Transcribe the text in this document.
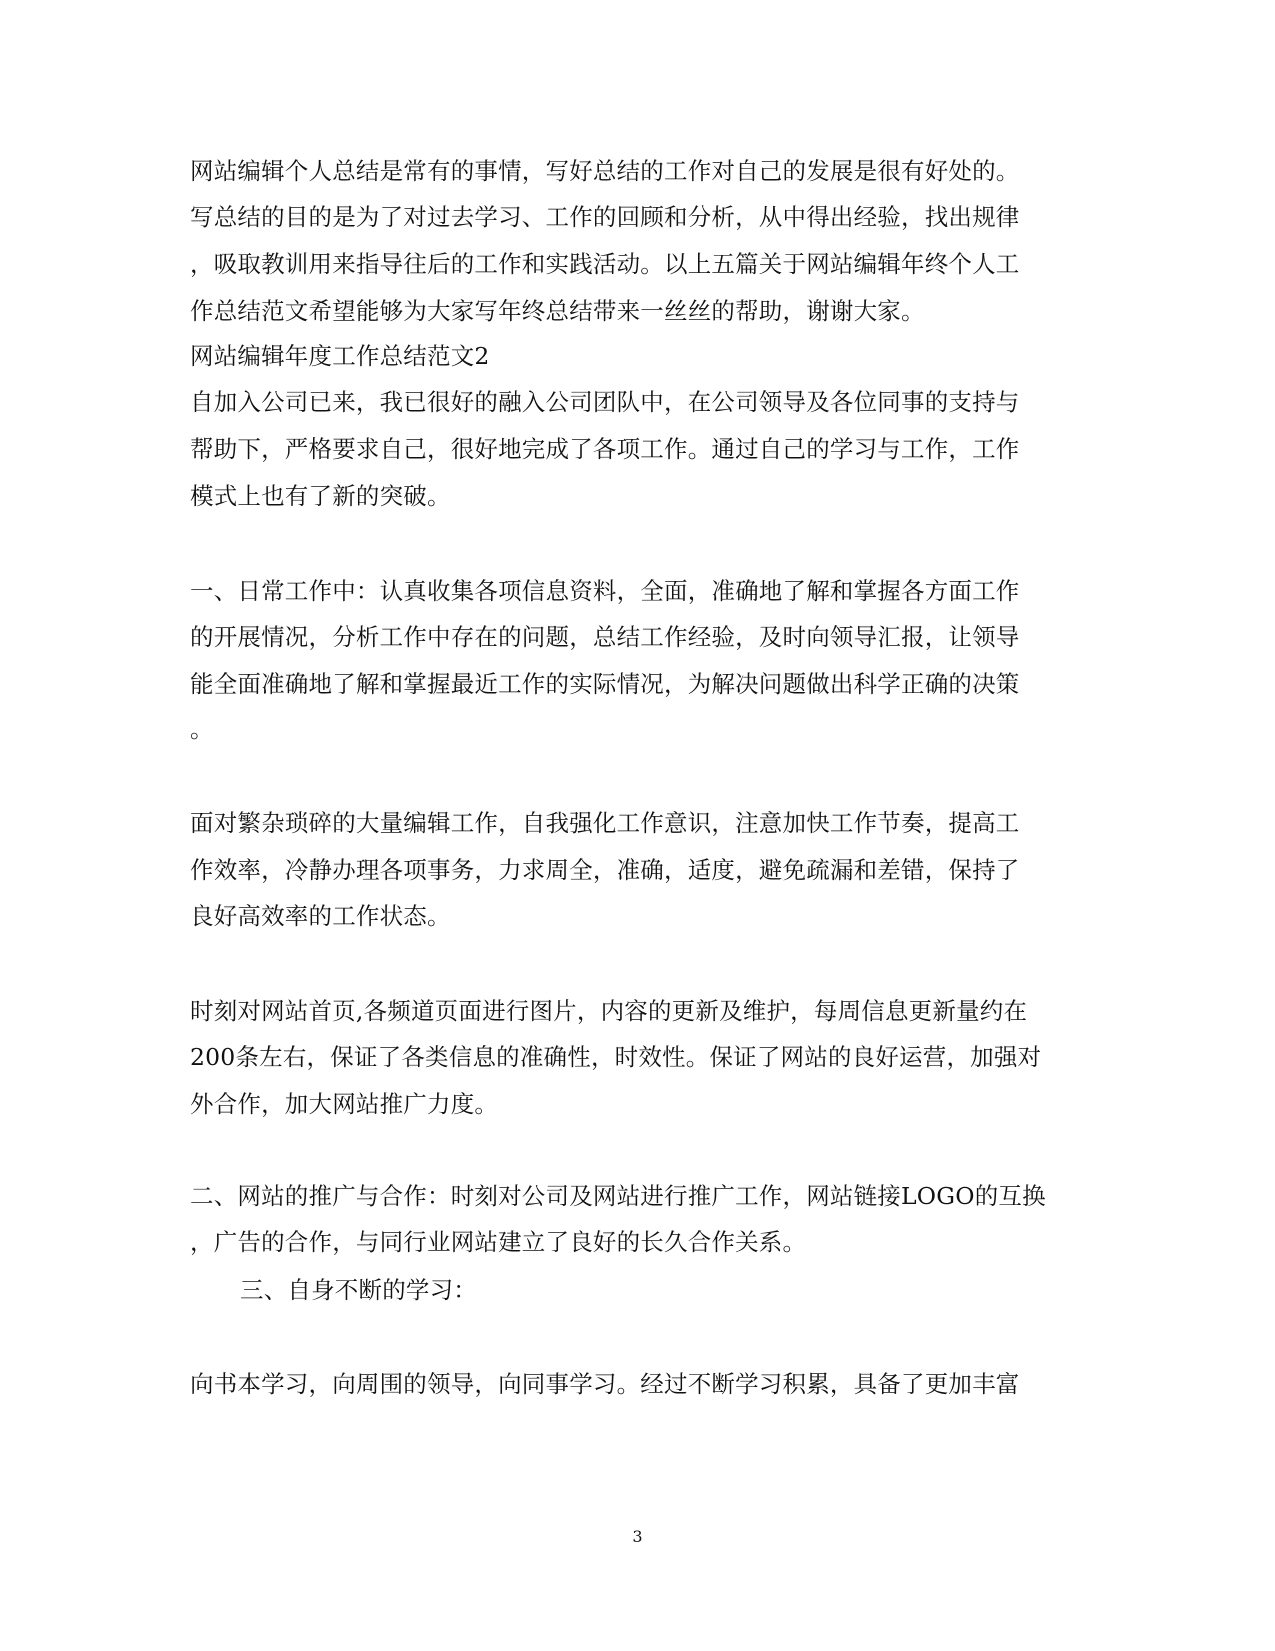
网站编辑个人总结是常有的事情，写好总结的工作对自己的发展是很有好处的。
写总结的目的是为了对过去学习、工作的回顾和分析，从中得出经验，找出规律
，吸取教训用来指导往后的工作和实践活动。以上五篇关于网站编辑年终个人工
作总结范文希望能够为大家写年终总结带来一丝丝的帮助，谢谢大家。
网站编辑年度工作总结范文2
自加入公司已来，我已很好的融入公司团队中，在公司领导及各位同事的支持与
帮助下，严格要求自己，很好地完成了各项工作。通过自己的学习与工作，工作
模式上也有了新的突破。
一、日常工作中：认真收集各项信息资料，全面，准确地了解和掌握各方面工作
的开展情况，分析工作中存在的问题，总结工作经验，及时向领导汇报，让领导
能全面准确地了解和掌握最近工作的实际情况，为解决问题做出科学正确的决策
。
面对繁杂琐碎的大量编辑工作，自我强化工作意识，注意加快工作节奏，提高工
作效率，冷静办理各项事务，力求周全，准确，适度，避免疏漏和差错，保持了
良好高效率的工作状态。
时刻对网站首页,各频道页面进行图片，内容的更新及维护，每周信息更新量约在
200条左右，保证了各类信息的准确性，时效性。保证了网站的良好运营，加强对
外合作，加大网站推广力度。
二、网站的推广与合作：时刻对公司及网站进行推广工作，网站链接LOGO的互换
，广告的合作，与同行业网站建立了良好的长久合作关系。
三、自身不断的学习：
向书本学习，向周围的领导，向同事学习。经过不断学习积累，具备了更加丰富
3
